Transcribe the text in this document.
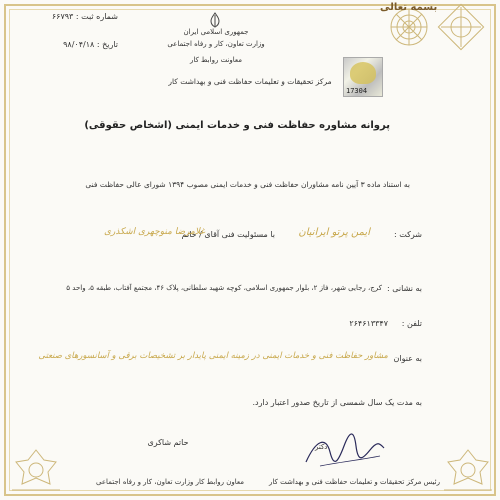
شماره ثبت : ۶۶۷۹۳
تاریخ : ۹۸/۰۴/۱۸
جمهوری اسلامی ایران
وزارت تعاون، کار و رفاه اجتماعی
معاونت روابط کار
مرکز تحقیقات و تعلیمات حفاظت فنی و بهداشت کار
بسمه تعالی
17304
پروانه مشاوره حفاظت فنی و خدمات ایمنی (اشخاص حقوقی)
به استناد ماده ۳ آیین نامه مشاوران حفاظت فنی و خدمات ایمنی مصوب ۱۳۹۴ شورای عالی حفاظت فنی
شرکت :
ایمن پرتو ایرانیان
با مسئولیت فنی آقای / خانم
غلامرضا منوچهری اشکذری
به نشانی :
کرج، رجایی شهر، فاز ۲، بلوار جمهوری اسلامی، کوچه شهید سلطانی، پلاک ۴۶، مجتمع آفتاب، طبقه ۵، واحد ۵
تلفن :
۲۶۴۶۱۳۳۴۷
به عنوان
مشاور حفاظت فنی و خدمات ایمنی در زمینه ایمنی پایدار بر تشخیصات برقی و آسانسورهای صنعتی
به مدت یک سال شمسی از تاریخ صدور اعتبار دارد.
حاتم شاکری
معاون روابط کار وزارت تعاون، کار و رفاه اجتماعی
دکتر
رئیس مرکز تحقیقات و تعلیمات حفاظت فنی و بهداشت کار
